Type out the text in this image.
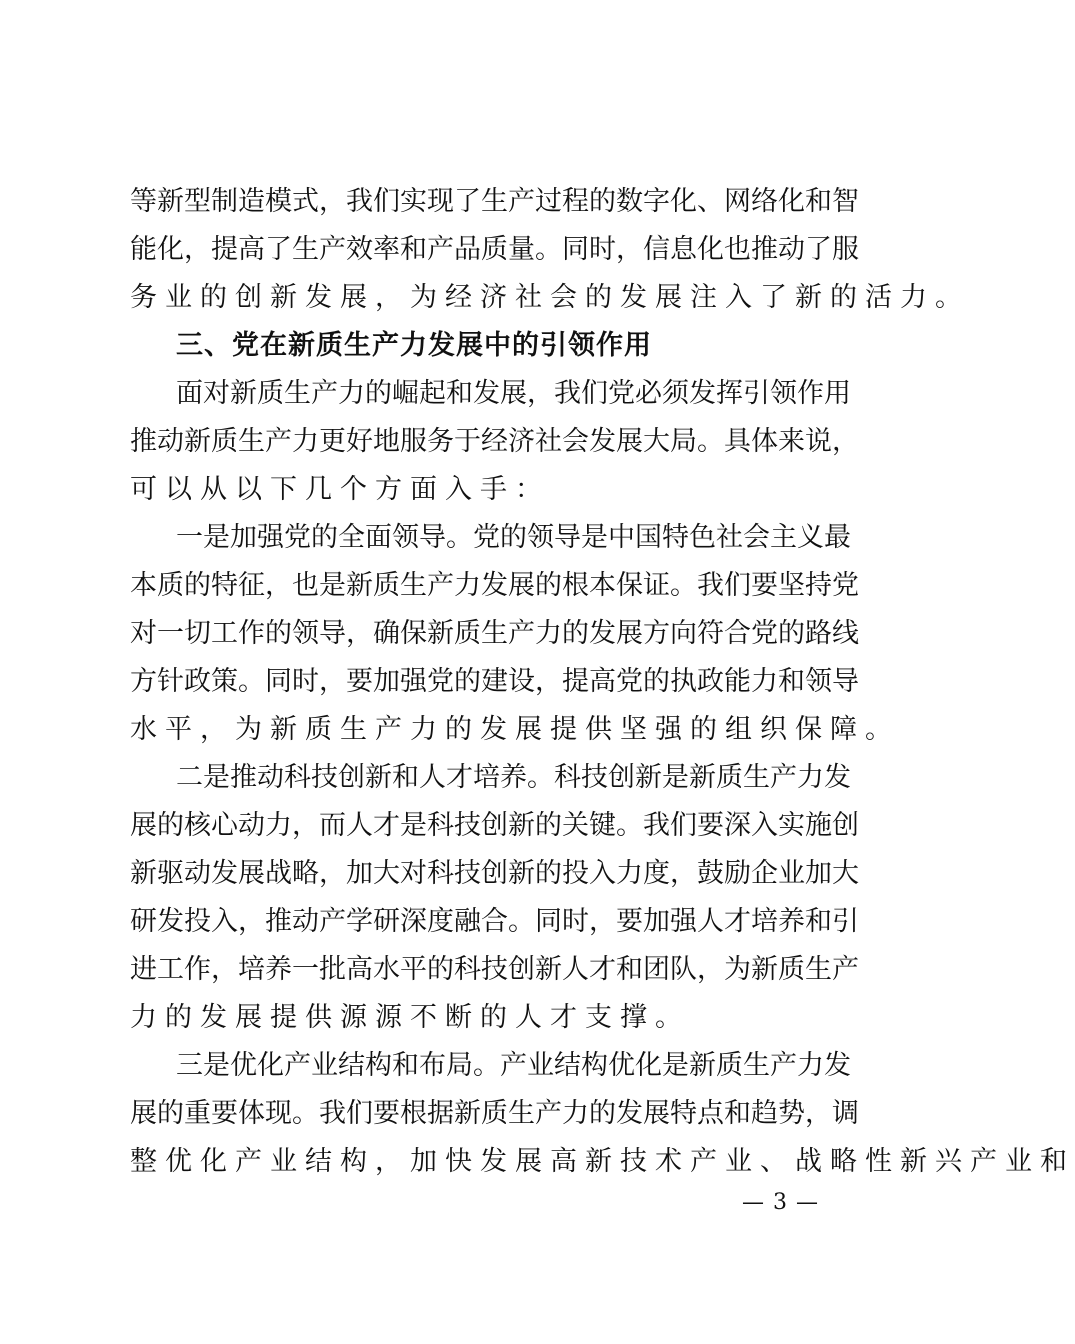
等新型制造模式，我们实现了生产过程的数字化、网络化和智
能化，提高了生产效率和产品质量。同时，信息化也推动了服
务业的创新发展，为经济社会的发展注入了新的活力。
三、党在新质生产力发展中的引领作用
面对新质生产力的崛起和发展，我们党必须发挥引领作用
推动新质生产力更好地服务于经济社会发展大局。具体来说，
可以从以下几个方面入手：
一是加强党的全面领导。党的领导是中国特色社会主义最
本质的特征，也是新质生产力发展的根本保证。我们要坚持党
对一切工作的领导，确保新质生产力的发展方向符合党的路线
方针政策。同时，要加强党的建设，提高党的执政能力和领导
水平，为新质生产力的发展提供坚强的组织保障。
二是推动科技创新和人才培养。科技创新是新质生产力发
展的核心动力，而人才是科技创新的关键。我们要深入实施创
新驱动发展战略，加大对科技创新的投入力度，鼓励企业加大
研发投入，推动产学研深度融合。同时，要加强人才培养和引
进工作，培养一批高水平的科技创新人才和团队，为新质生产
力的发展提供源源不断的人才支撑。
三是优化产业结构和布局。产业结构优化是新质生产力发
展的重要体现。我们要根据新质生产力的发展特点和趋势，调
整优化产业结构，加快发展高新技术产业、战略性新兴产业和
— 3 —
